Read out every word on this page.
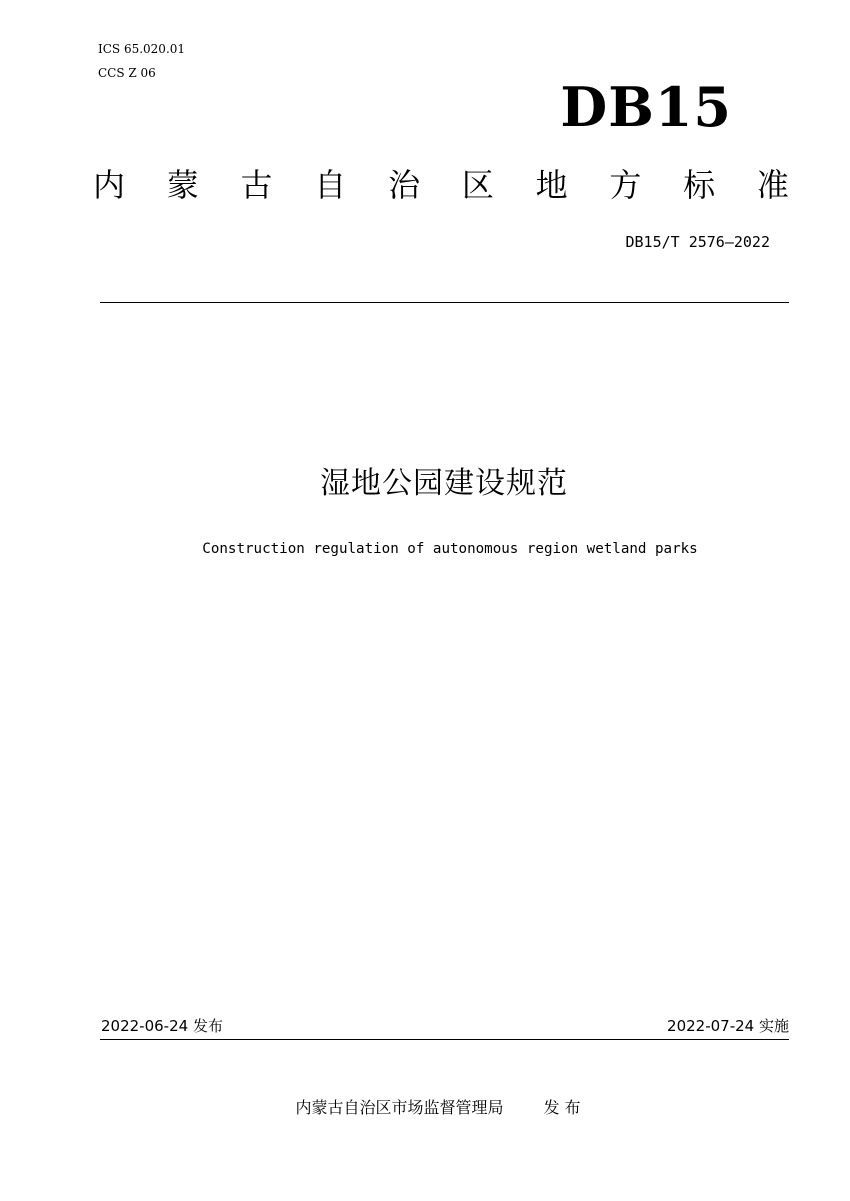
ICS 65.020.01
CCS Z 06
DB15
内 蒙 古 自 治 区 地 方 标 准
DB15/T 2576—2022
湿地公园建设规范
Construction regulation of autonomous region wetland parks
2022-06-24 发布	2022-07-24 实施
内蒙古自治区市场监督管理局	发 布
